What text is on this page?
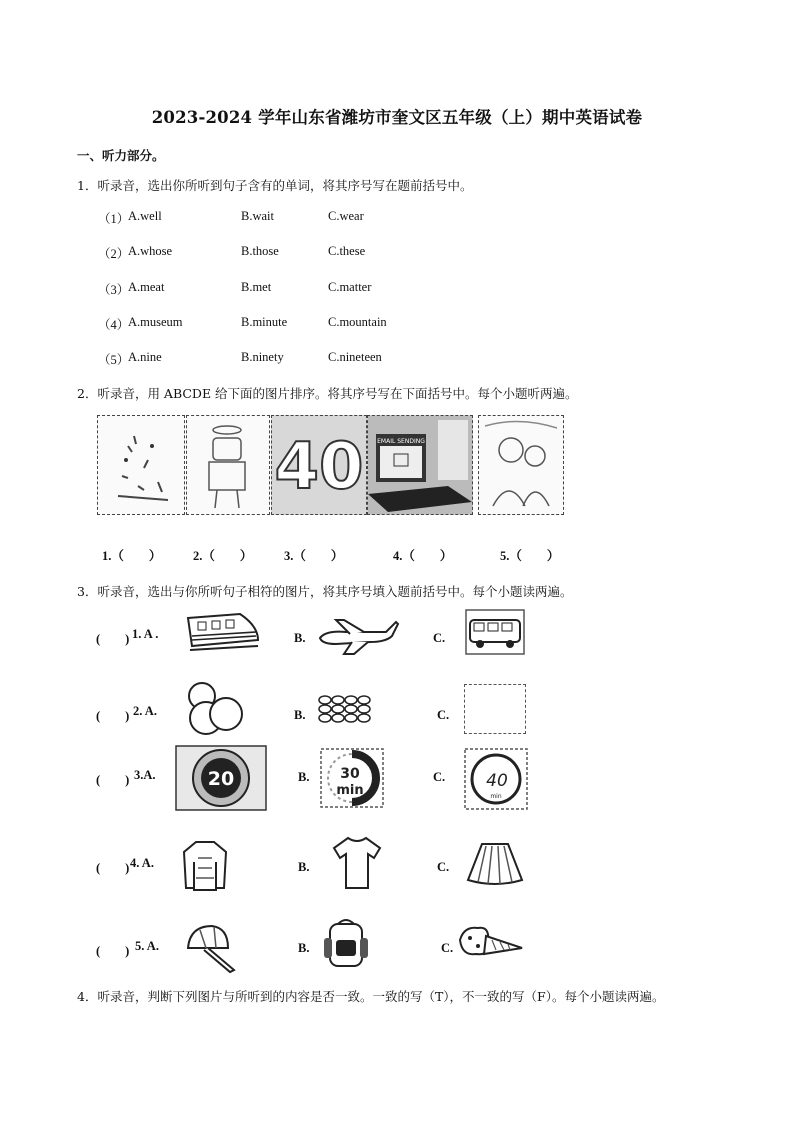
2023-2024 学年山东省潍坊市奎文区五年级（上）期中英语试卷
一、听力部分。
1．听录音，选出你所听到句子含有的单词，将其序号写在题前括号中。
（1）
A.well	B.wait	C.wear
（2）
A.whose	B.those	C.these
（3）
A.meat	B.met	C.matter
（4）
A.museum	B.minute	C.mountain
（5）
A.nine	B.ninety	C.nineteen
2．听录音，用 ABCDE 给下面的图片排序。将其序号写在下面括号中。每个小题听两遍。
40 EMAIL SENDING
1.（　　）	2.（　　）	3.（　　）	4.（　　）	5.（　　）
3．听录音，选出与你所听句子相符的图片，将其序号填入题前括号中。每个小题读两遍。
(　　) 1. A .	B.	C.
(　　) 2. A.	B.	C.
(　　) 3.A.	20	B. 30
min
C. 40
min
(　　) 4. A.	B.	C.
(　　) 5. A.	B.	C.
4．听录音，判断下列图片与所听到的内容是否一致。一致的写（T），不一致的写（F）。每个小题读两遍。
